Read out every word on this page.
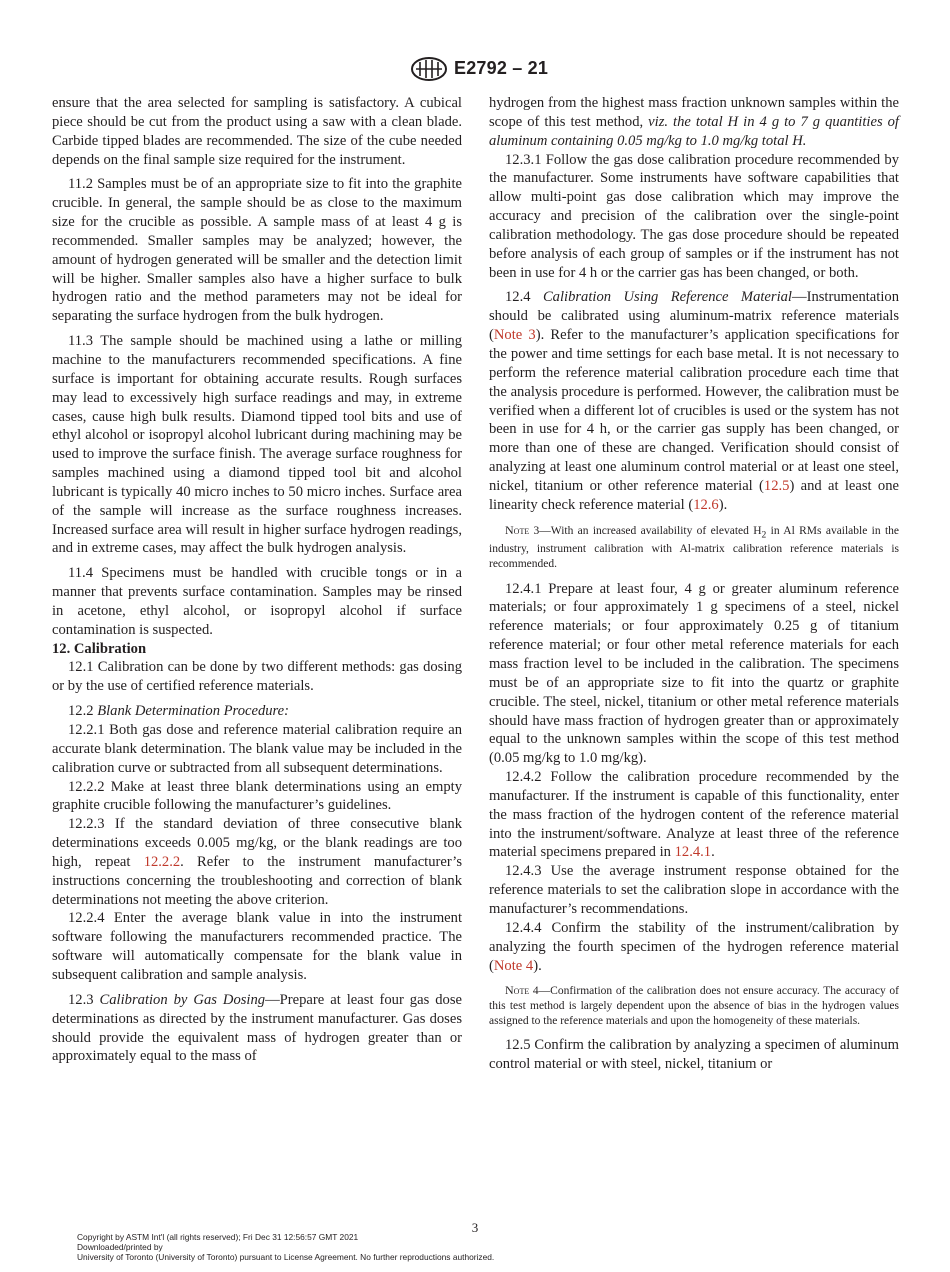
E2792 – 21

ensure that the area selected for sampling is satisfactory. A cubical piece should be cut from the product using a saw with a clean blade. Carbide tipped blades are recommended. The size of the cube needed depends on the final sample size required for the instrument.

11.2 Samples must be of an appropriate size to fit into the graphite crucible. In general, the sample should be as close to the maximum size for the crucible as possible. A sample mass of at least 4 g is recommended. Smaller samples may be analyzed; however, the amount of hydrogen generated will be smaller and the detection limit will be higher. Smaller samples also have a higher surface to bulk hydrogen ratio and the method parameters may not be ideal for separating the surface hydrogen from the bulk hydrogen.

11.3 The sample should be machined using a lathe or milling machine to the manufacturers recommended specifications. A fine surface is important for obtaining accurate results. Rough surfaces may lead to excessively high surface readings and may, in extreme cases, cause high bulk results. Diamond tipped tool bits and use of ethyl alcohol or isopropyl alcohol lubricant during machining may be used to improve the surface finish. The average surface roughness for samples machined using a diamond tipped tool bit and alcohol lubricant is typically 40 micro inches to 50 micro inches. Surface area of the sample will increase as the surface roughness increases. Increased surface area will result in higher surface hydrogen readings, and in extreme cases, may affect the bulk hydrogen analysis.

11.4 Specimens must be handled with crucible tongs or in a manner that prevents surface contamination. Samples may be rinsed in acetone, ethyl alcohol, or isopropyl alcohol if surface contamination is suspected.

12. Calibration

12.1 Calibration can be done by two different methods: gas dosing or by the use of certified reference materials.

12.2 Blank Determination Procedure:

12.2.1 Both gas dose and reference material calibration require an accurate blank determination. The blank value may be included in the calibration curve or subtracted from all subsequent determinations.

12.2.2 Make at least three blank determinations using an empty graphite crucible following the manufacturer’s guidelines.

12.2.3 If the standard deviation of three consecutive blank determinations exceeds 0.005 mg/kg, or the blank readings are too high, repeat 12.2.2. Refer to the instrument manufacturer’s instructions concerning the troubleshooting and correction of blank determinations not meeting the above criterion.

12.2.4 Enter the average blank value in into the instrument software following the manufacturers recommended practice. The software will automatically compensate for the blank value in subsequent calibration and sample analysis.

12.3 Calibration by Gas Dosing—Prepare at least four gas dose determinations as directed by the instrument manufacturer. Gas doses should provide the equivalent mass of hydrogen greater than or approximately equal to the mass of

hydrogen from the highest mass fraction unknown samples within the scope of this test method, viz. the total H in 4 g to 7 g quantities of aluminum containing 0.05 mg/kg to 1.0 mg/kg total H.

12.3.1 Follow the gas dose calibration procedure recommended by the manufacturer. Some instruments have software capabilities that allow multi-point gas dose calibration which may improve the accuracy and precision of the calibration over the single-point calibration methodology. The gas dose procedure should be repeated before analysis of each group of samples or if the instrument has not been in use for 4 h or the carrier gas has been changed, or both.

12.4 Calibration Using Reference Material—Instrumentation should be calibrated using aluminum-matrix reference materials (Note 3). Refer to the manufacturer’s application specifications for the power and time settings for each base metal. It is not necessary to perform the reference material calibration procedure each time that the analysis procedure is performed. However, the calibration must be verified when a different lot of crucibles is used or the system has not been in use for 4 h, or the carrier gas supply has been changed, or more than one of these are changed. Verification should consist of analyzing at least one aluminum control material or at least one steel, nickel, titanium or other reference material (12.5) and at least one linearity check reference material (12.6).

Note 3—With an increased availability of elevated $H_2$ in Al RMs available in the industry, instrument calibration with Al-matrix calibration reference materials is recommended.

12.4.1 Prepare at least four, 4 g or greater aluminum reference materials; or four approximately 1 g specimens of a steel, nickel reference materials; or four approximately 0.25 g of titanium reference material; or four other metal reference materials for each mass fraction level to be included in the calibration. The specimens must be of an appropriate size to fit into the quartz or graphite crucible. The steel, nickel, titanium or other metal reference materials should have mass fraction of hydrogen greater than or approximately equal to the unknown samples within the scope of this test method (0.05 mg/kg to 1.0 mg/kg).

12.4.2 Follow the calibration procedure recommended by the manufacturer. If the instrument is capable of this functionality, enter the mass fraction of the hydrogen content of the reference material into the instrument/software. Analyze at least three of the reference material specimens prepared in 12.4.1.

12.4.3 Use the average instrument response obtained for the reference materials to set the calibration slope in accordance with the manufacturer’s recommendations.

12.4.4 Confirm the stability of the instrument/calibration by analyzing the fourth specimen of the hydrogen reference material (Note 4).

Note 4—Confirmation of the calibration does not ensure accuracy. The accuracy of this test method is largely dependent upon the absence of bias in the hydrogen values assigned to the reference materials and upon the homogeneity of these materials.

12.5 Confirm the calibration by analyzing a specimen of aluminum control material or with steel, nickel, titanium or

3
Copyright by ASTM Int'l (all rights reserved); Fri Dec 31 12:56:57 GMT 2021
Downloaded/printed by
University of Toronto (University of Toronto) pursuant to License Agreement. No further reproductions authorized.
